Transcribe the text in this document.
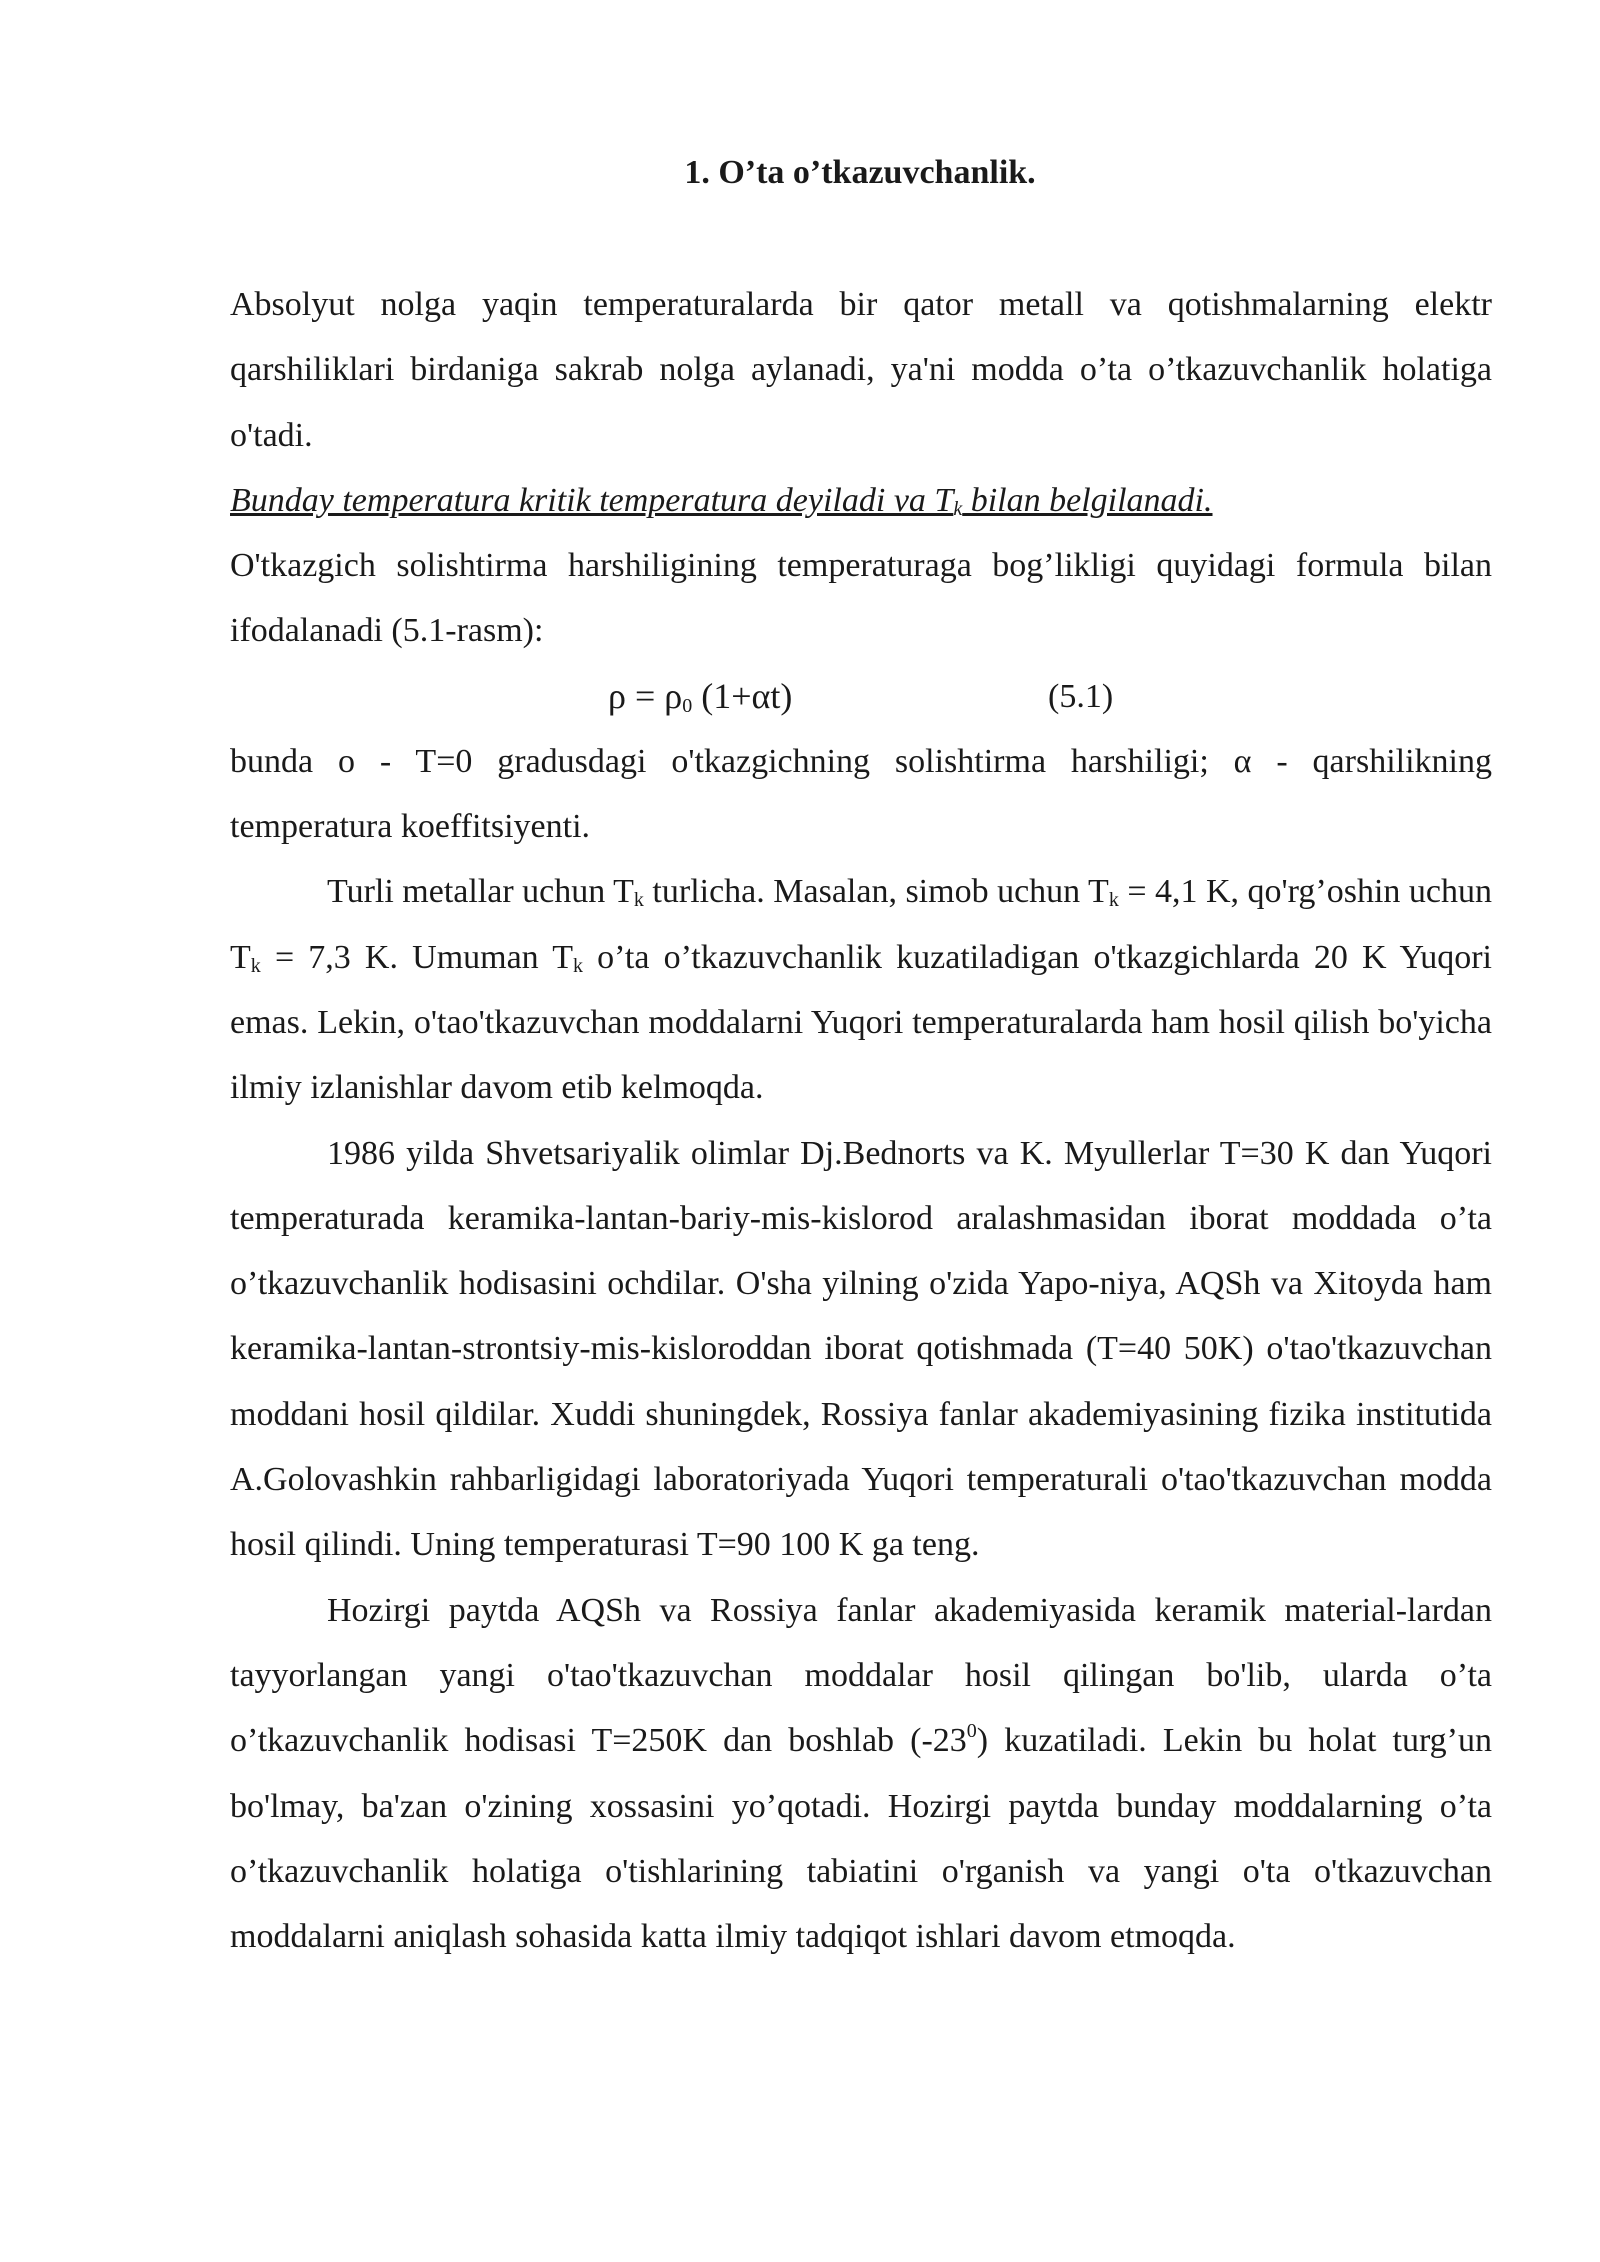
1. O’ta o’tkazuvchanlik.

Absolyut nolga yaqin temperaturalarda bir qator metall va qotishmalarning elektr qarshiliklari birdaniga sakrab nolga aylanadi, ya'ni modda o’ta o’tkazuvchanlik holatiga o'tadi.

Bunday temperatura kritik temperatura deyiladi va $T_k$ bilan belgilanadi.

O'tkazgich solishtirma harshiligining temperaturaga bog’likligi quyidagi formula bilan ifodalanadi (5.1-rasm):

$\rho = \rho_0$ (1+αt)	(5.1)

bunda o - T=0 gradusdagi o'tkazgichning solishtirma harshiligi; α - qarshilikning temperatura koeffitsiyenti.

Turli metallar uchun $T_k$ turlicha. Masalan, simob uchun $T_k = 4,1$ K, qo'rg’oshin uchun $T_k = 7,3$ K. Umuman $T_k$ o’ta o’tkazuvchanlik kuzatiladigan o'tkazgichlarda 20 K Yuqori emas. Lekin, o'tao'tkazuvchan moddalarni Yuqori temperaturalarda ham hosil qilish bo'yicha ilmiy izlanishlar davom etib kelmoqda.

1986 yilda Shvetsariyalik olimlar Dj.Bednorts va K. Myullerlar T=30 K dan Yuqori temperaturada keramika-lantan-bariy-mis-kislorod aralashmasidan iborat moddada o’ta o’tkazuvchanlik hodisasini ochdilar. O'sha yilning o'zida Yapo-niya, AQSh va Xitoyda ham keramika-lantan-strontsiy-mis-kisloroddan iborat qotishmada (T=40 50K) o'tao'tkazuvchan moddani hosil qildilar. Xuddi shuningdek, Rossiya fanlar akademiyasining fizika institutida A.Golovashkin rahbarligidagi laboratoriyada Yuqori temperaturali o'tao'tkazuvchan modda hosil qilindi. Uning temperaturasi T=90 100 K ga teng.

Hozirgi paytda AQSh va Rossiya fanlar akademiyasida keramik material-lardan tayyorlangan yangi o'tao'tkazuvchan moddalar hosil qilingan bo'lib, ularda o’ta o’tkazuvchanlik hodisasi T=250K dan boshlab $(-23^0)$ kuzatiladi. Lekin bu holat turg’un bo'lmay, ba'zan o'zining xossasini yo’qotadi. Hozirgi paytda bunday moddalarning o’ta o’tkazuvchanlik holatiga o'tishlarining tabiatini o'rganish va yangi o'ta o'tkazuvchan moddalarni aniqlash sohasida katta ilmiy tadqiqot ishlari davom etmoqda.
